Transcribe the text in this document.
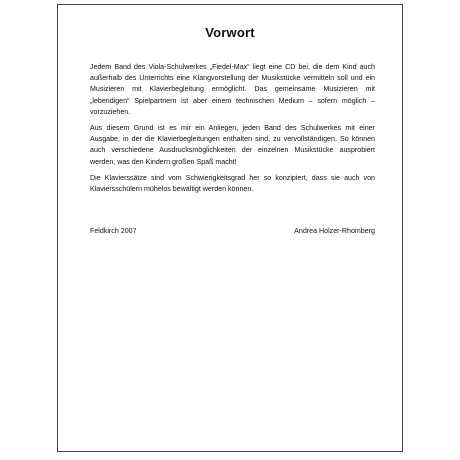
Vorwort

Jedem Band des Viola-Schulwerkes „Fiedel-Max“ liegt eine CD bei, die dem Kind auch außerhalb des Unterrichts eine Klangvorstellung der Musikstücke vermitteln soll und ein Musizieren mit Klavierbegleitung ermöglicht. Das gemeinsame Musizieren mit „lebendigen“ Spielpartnern ist aber einem technischen Medium – sofern möglich – vorzuziehen.

Aus diesem Grund ist es mir ein Anliegen, jeden Band des Schulwerkes mit einer Ausgabe, in der die Klavierbegleitungen enthalten sind, zu vervollständigen. So können auch verschiedene Ausdrucksmöglichkeiten der einzelnen Musikstücke ausprobiert werden, was den Kindern großen Spaß macht!

Die Klavierssätze sind vom Schwierigkeitsgrad her so konzipiert, dass sie auch von Klaviersschülern mühelos bewältigt werden können.

Feldkirch 2007	Andrea Holzer-Rhomberg
